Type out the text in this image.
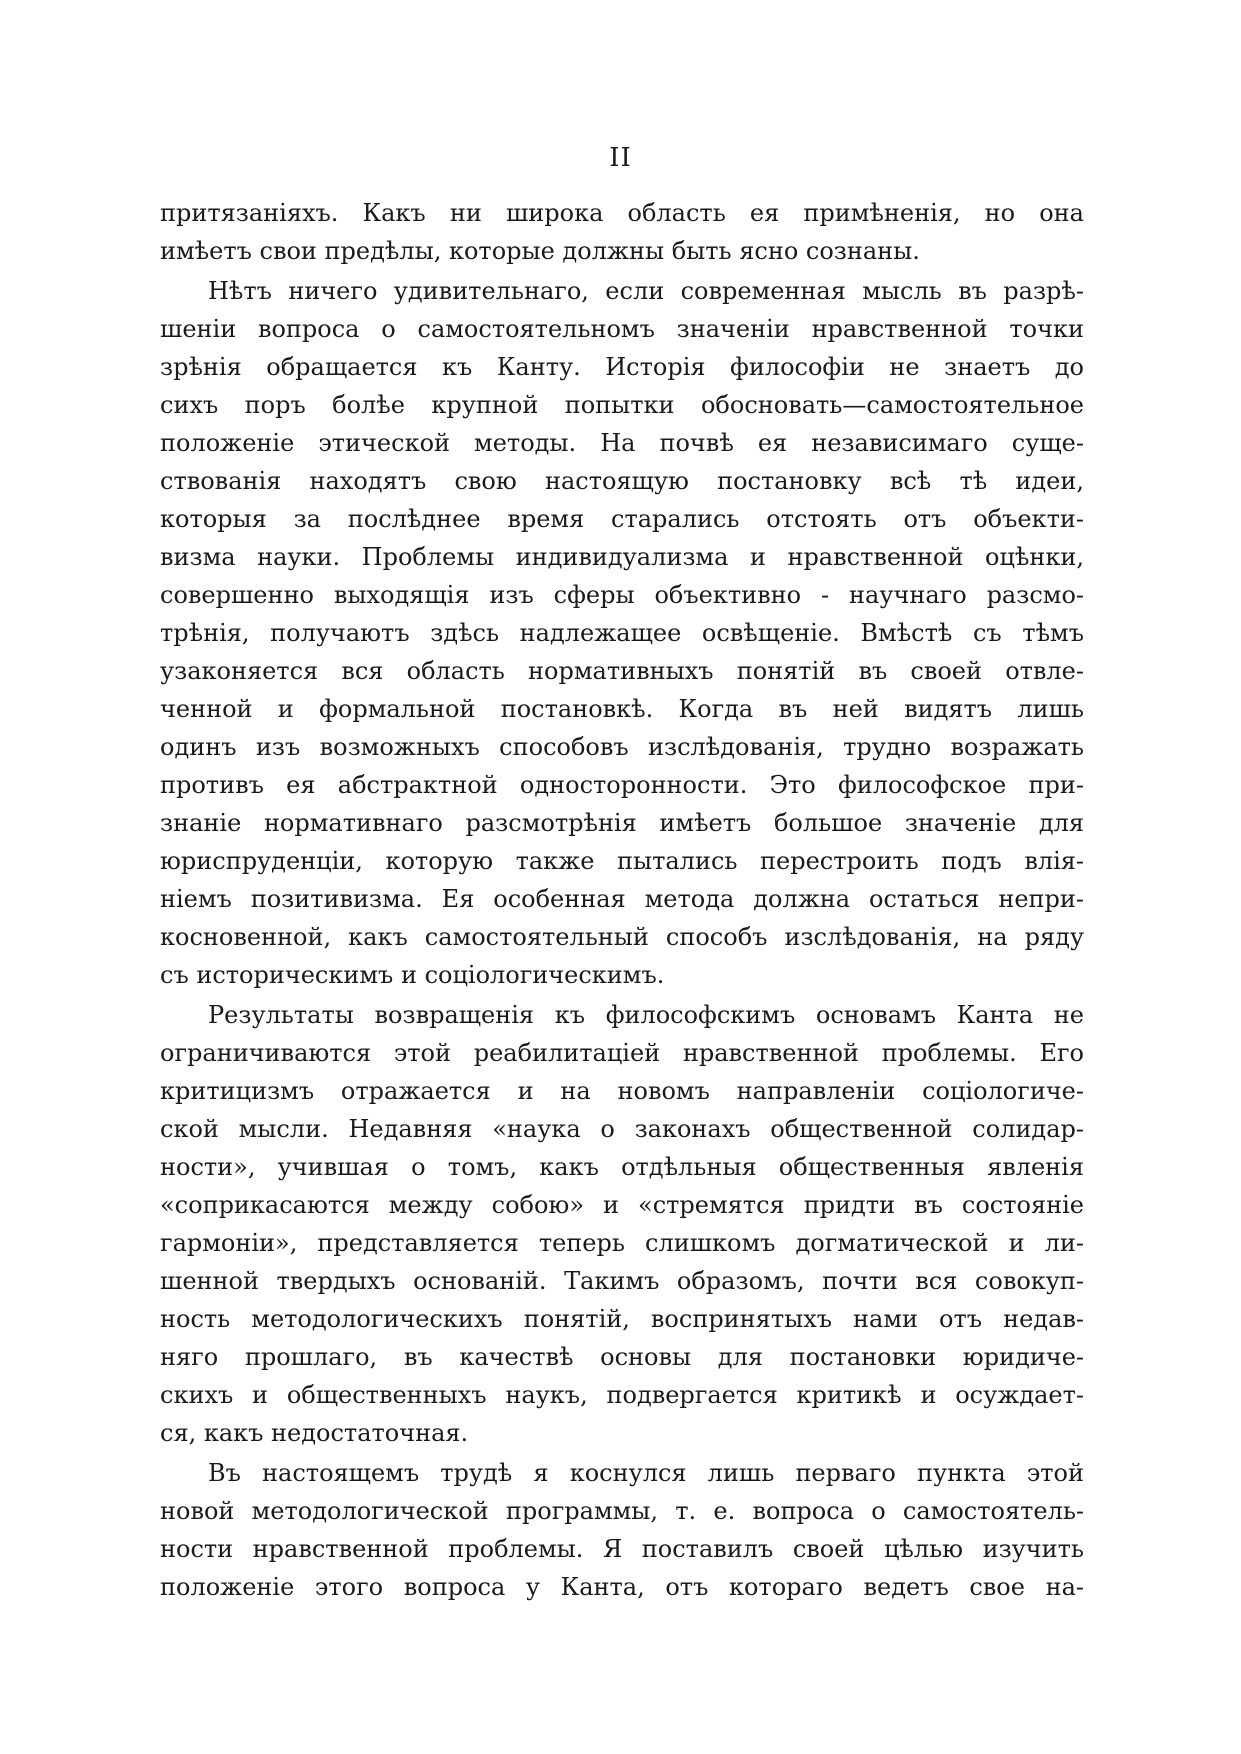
II
притязаніяхъ. Какъ ни широка область ея примѣненія, но она
имѣетъ свои предѣлы, которые должны быть ясно сознаны.
Нѣтъ ничего удивительнаго, если современная мысль въ разрѣ-
шеніи вопроса о самостоятельномъ значеніи нравственной точки
зрѣнія обращается къ Канту. Исторія философіи не знаетъ до
сихъ поръ болѣе крупной попытки обосновать—самостоятельное
положеніе этической методы. На почвѣ ея независимаго суще-
ствованія находятъ свою настоящую постановку всѣ тѣ идеи,
которыя за послѣднее время старались отстоять отъ объекти-
визма науки. Проблемы индивидуализма и нравственной оцѣнки,
совершенно выходящія изъ сферы объективно - научнаго разсмо-
трѣнія, получаютъ здѣсь надлежащее освѣщеніе. Вмѣстѣ съ тѣмъ
узаконяется вся область нормативныхъ понятій въ своей отвле-
ченной и формальной постановкѣ. Когда въ ней видятъ лишь
одинъ изъ возможныхъ способовъ изслѣдованія, трудно возражать
противъ ея абстрактной односторонности. Это философское при-
знаніе нормативнаго разсмотрѣнія имѣетъ большое значеніе для
юриспруденціи, которую также пытались перестроить подъ влія-
ніемъ позитивизма. Ея особенная метода должна остаться непри-
косновенной, какъ самостоятельный способъ изслѣдованія, на ряду
съ историческимъ и соціологическимъ.
Результаты возвращенія къ философскимъ основамъ Канта не
ограничиваются этой реабилитаціей нравственной проблемы. Его
критицизмъ отражается и на новомъ направленіи соціологиче-
ской мысли. Недавняя «наука о законахъ общественной солидар-
ности», учившая о томъ, какъ отдѣльныя общественныя явленія
«соприкасаются между собою» и «стремятся придти въ состояніе
гармоніи», представляется теперь слишкомъ догматической и ли-
шенной твердыхъ основаній. Такимъ образомъ, почти вся совокуп-
ность методологическихъ понятій, воспринятыхъ нами отъ недав-
няго прошлаго, въ качествѣ основы для постановки юридиче-
скихъ и общественныхъ наукъ, подвергается критикѣ и осуждает-
ся, какъ недостаточная.
Въ настоящемъ трудѣ я коснулся лишь перваго пункта этой
новой методологической программы, т. е. вопроса о самостоятель-
ности нравственной проблемы. Я поставилъ своей цѣлью изучить
положеніе этого вопроса у Канта, отъ котораго ведетъ свое на-
